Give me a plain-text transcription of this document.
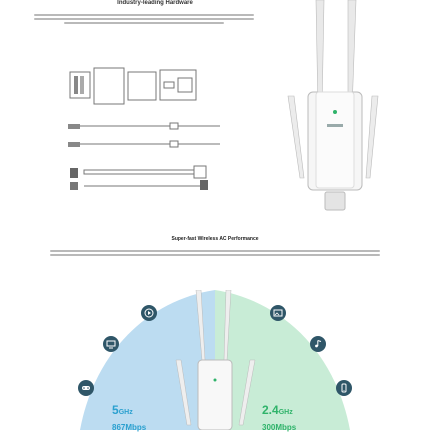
Industry-leading Hardware
Super-fast Wireless AC Performance
5GHz
867Mbps
2.4GHz
300Mbps
